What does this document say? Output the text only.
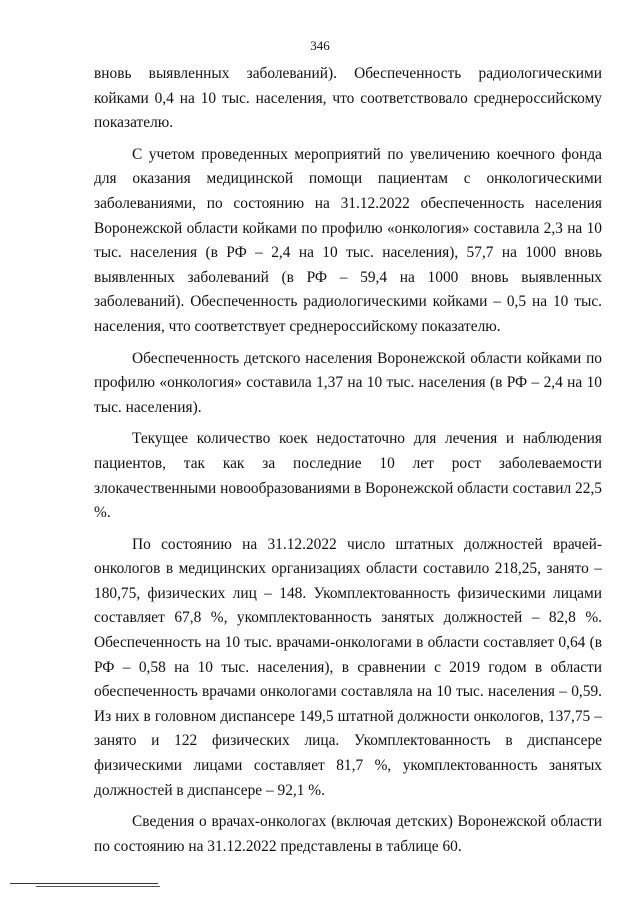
346

вновь выявленных заболеваний). Обеспеченность радиологическими койками 0,4 на 10 тыс. населения, что соответствовало среднероссийскому показателю.

С учетом проведенных мероприятий по увеличению коечного фонда для оказания медицинской помощи пациентам с онкологическими заболеваниями, по состоянию на 31.12.2022 обеспеченность населения Воронежской области койками по профилю «онкология» составила 2,3 на 10 тыс. населения (в РФ – 2,4 на 10 тыс. населения), 57,7 на 1000 вновь выявленных заболеваний (в РФ – 59,4 на 1000 вновь выявленных заболеваний). Обеспеченность радиологическими койками – 0,5 на 10 тыс. населения, что соответствует среднероссийскому показателю.

Обеспеченность детского населения Воронежской области койками по профилю «онкология» составила 1,37 на 10 тыс. населения (в РФ – 2,4 на 10 тыс. населения).

Текущее количество коек недостаточно для лечения и наблюдения пациентов, так как за последние 10 лет рост заболеваемости злокачественными новообразованиями в Воронежской области составил 22,5 %.

По состоянию на 31.12.2022 число штатных должностей врачей-онкологов в медицинских организациях области составило 218,25, занято – 180,75, физических лиц – 148. Укомплектованность физическими лицами составляет 67,8 %, укомплектованность занятых должностей – 82,8 %. Обеспеченность на 10 тыс. врачами-онкологами в области составляет 0,64 (в РФ – 0,58 на 10 тыс. населения), в сравнении с 2019 годом в области обеспеченность врачами онкологами составляла на 10 тыс. населения – 0,59. Из них в головном диспансере 149,5 штатной должности онкологов, 137,75 – занято и 122 физических лица. Укомплектованность в диспансере физическими лицами составляет 81,7 %, укомплектованность занятых должностей в диспансере – 92,1 %.

Сведения о врачах-онкологах (включая детских) Воронежской области по состоянию на 31.12.2022 представлены в таблице 60.
